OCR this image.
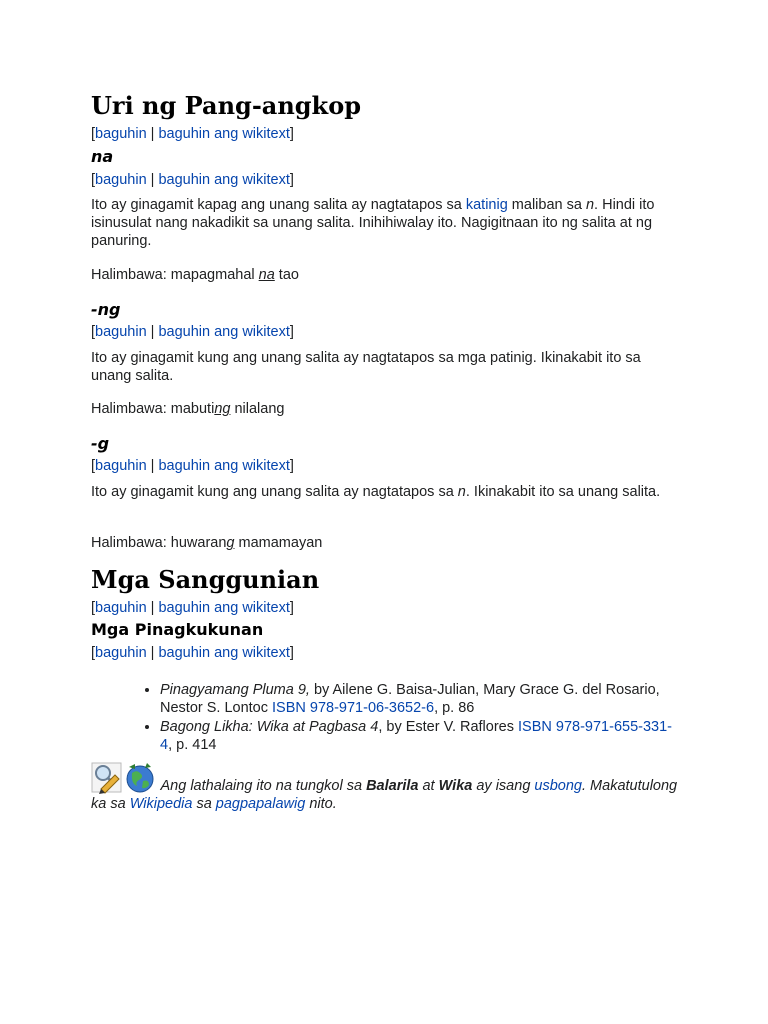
Uri ng Pang-angkop
[baguhin | baguhin ang wikitext]
na
[baguhin | baguhin ang wikitext]

Ito ay ginagamit kapag ang unang salita ay nagtatapos sa katinig maliban sa n. Hindi ito isinusulat nang nakadikit sa unang salita. Inihihiwalay ito. Nagigitnaan ito ng salita at ng panuring.

Halimbawa: mapagmahal na tao

-ng
[baguhin | baguhin ang wikitext]

Ito ay ginagamit kung ang unang salita ay nagtatapos sa mga patinig. Ikinakabit ito sa unang salita.

Halimbawa: mabuting nilalang

-g
[baguhin | baguhin ang wikitext]

Ito ay ginagamit kung ang unang salita ay nagtatapos sa n. Ikinakabit ito sa unang salita.

Halimbawa: huwarang mamamayan

Mga Sanggunian
[baguhin | baguhin ang wikitext]
Mga Pinagkukunan
[baguhin | baguhin ang wikitext]
• Pinagyamang Pluma 9, by Ailene G. Baisa-Julian, Mary Grace G. del Rosario, Nestor S. Lontoc ISBN 978-971-06-3652-6, p. 86
• Bagong Likha: Wika at Pagbasa 4, by Ester V. Raflores ISBN 978-971-655-331-4, p. 414
Ang lathalaing ito na tungkol sa Balarila at Wika ay isang usbong. Makatutulong ka sa Wikipedia sa pagpapalawig nito.
